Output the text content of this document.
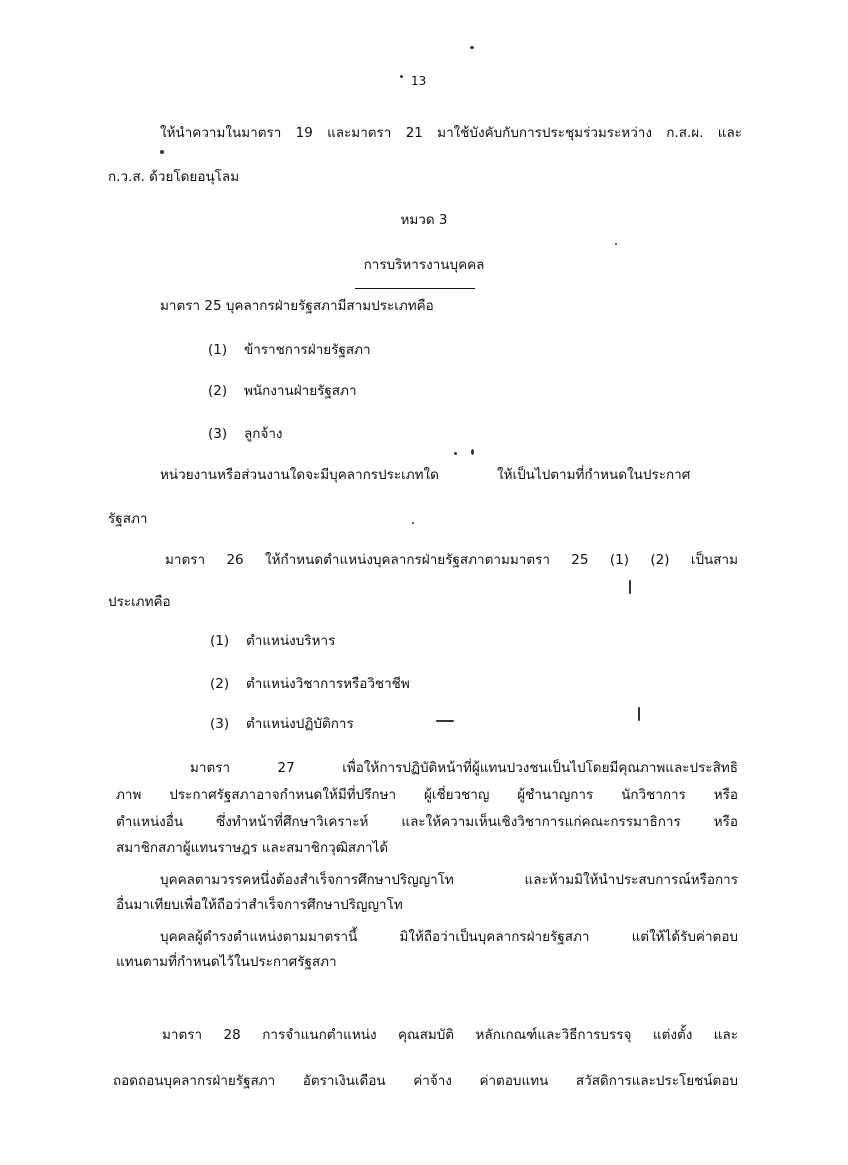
13
ให้นำความในมาตรา 19 และมาตรา 21 มาใช้บังคับกับการประชุมร่วมระหว่าง ก.ส.ผ. และ
ก.ว.ส. ด้วยโดยอนุโลม
หมวด 3
การบริหารงานบุคคล
มาตรา 25 บุคลากรฝ่ายรัฐสภามีสามประเภทคือ
(1) ข้าราชการฝ่ายรัฐสภา
(2) พนักงานฝ่ายรัฐสภา
(3) ลูกจ้าง
หน่วยงานหรือส่วนงานใดจะมีบุคลากรประเภทใด	ให้เป็นไปตามที่กำหนดในประกาศ
รัฐสภา
มาตรา 26 ให้กำหนดตำแหน่งบุคลากรฝ่ายรัฐสภาตามมาตรา 25 (1) (2) เป็นสาม
ประเภทคือ
(1) ตำแหน่งบริหาร
(2) ตำแหน่งวิชาการหรือวิชาชีพ
(3) ตำแหน่งปฏิบัติการ
มาตรา 27 เพื่อให้การปฏิบัติหน้าที่ผู้แทนปวงชนเป็นไปโดยมีคุณภาพและประสิทธิ
ภาพ ประกาศรัฐสภาอาจกำหนดให้มีที่ปรึกษา ผู้เชี่ยวชาญ ผู้ชำนาญการ นักวิชาการ หรือ
ตำแหน่งอื่น ซึ่งทำหน้าที่ศึกษาวิเคราะห์ และให้ความเห็นเชิงวิชาการแก่คณะกรรมาธิการ หรือ
สมาชิกสภาผู้แทนราษฎร และสมาชิกวุฒิสภาได้
บุคคลตามวรรคหนึ่งต้องสำเร็จการศึกษาปริญญาโท และห้ามมิให้นำประสบการณ์หรือการ
อื่นมาเทียบเพื่อให้ถือว่าสำเร็จการศึกษาปริญญาโท
บุคคลผู้ดำรงตำแหน่งตามมาตรานี้ มิให้ถือว่าเป็นบุคลากรฝ่ายรัฐสภา แต่ให้ได้รับค่าตอบ
แทนตามที่กำหนดไว้ในประกาศรัฐสภา
มาตรา 28 การจำแนกตำแหน่ง คุณสมบัติ หลักเกณฑ์และวิธีการบรรจุ แต่งตั้ง และ
ถอดถอนบุคลากรฝ่ายรัฐสภา อัตราเงินเดือน ค่าจ้าง ค่าตอบแทน สวัสดิการและประโยชน์ตอบ
